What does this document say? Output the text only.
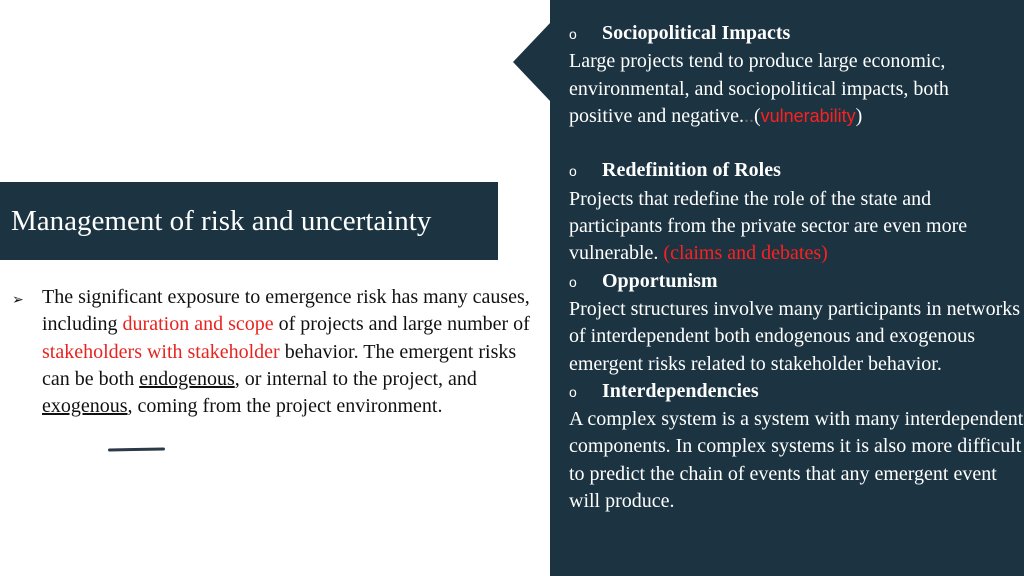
o	Sociopolitical Impacts

Large projects tend to produce large economic, environmental, and sociopolitical impacts, both positive and negative...(vulnerability)

o	Redefinition of Roles

Projects that redefine the role of the state and participants from the private sector are even more vulnerable. (claims and debates)

o	Opportunism

Project structures involve many participants in networks of interdependent both endogenous and exogenous emergent risks related to stakeholder behavior.

o	Interdependencies

A complex system is a system with many interdependent components. In complex systems it is also more difficult to predict the chain of events that any emergent event will produce.

Management of risk and uncertainty
➢ The significant exposure to emergence risk has many causes, including duration and scope of projects and large number of stakeholders with stakeholder behavior. The emergent risks can be both endogenous, or internal to the project, and exogenous, coming from the project environment.
